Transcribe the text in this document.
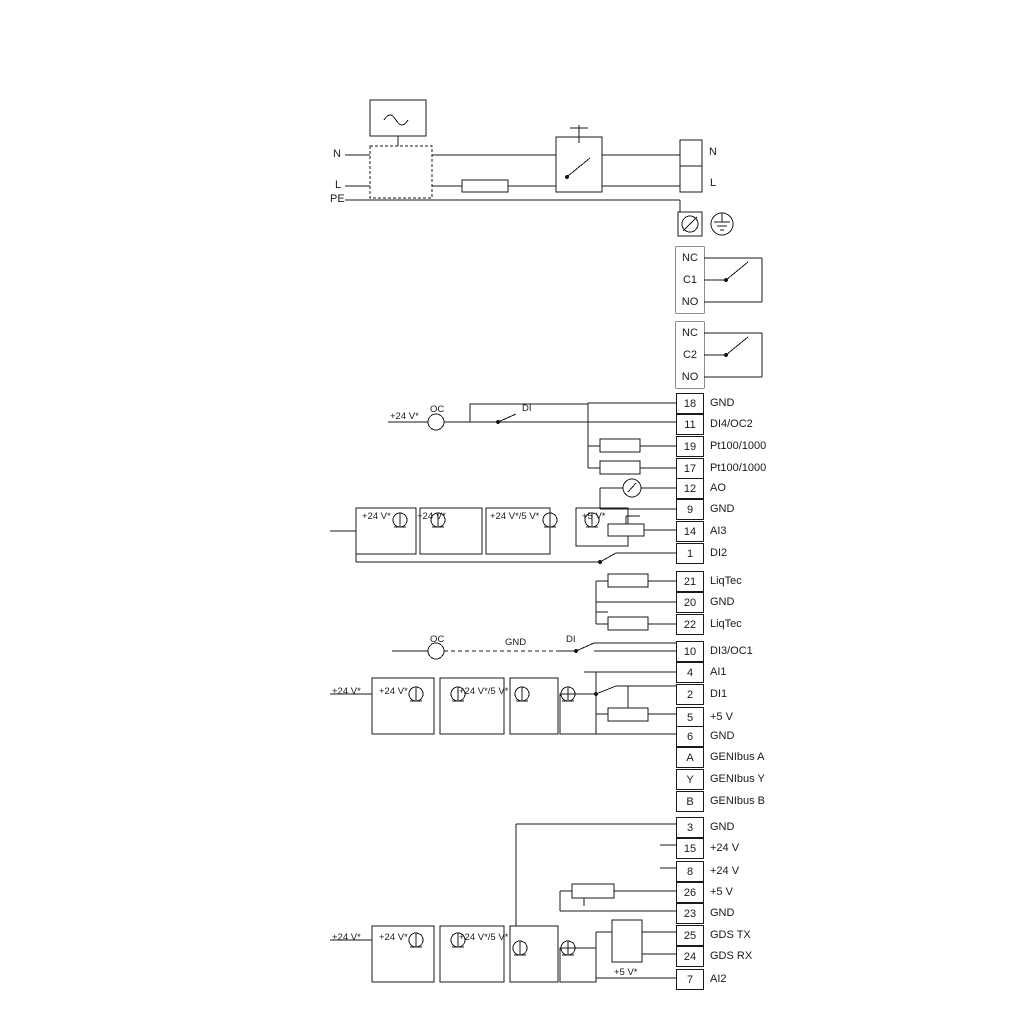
N
L
PE
N
L
NC
C1
NO
NC
C2
NO
18	GND
11	DI4/OC2
19	Pt100/1000
17	Pt100/1000
12	AO
9	GND
14	AI3
1	DI2
21	LiqTec
20	GND
22	LiqTec
10	DI3/OC1
4	AI1
2	DI1
5	+5 V
6	GND
A	GENIbus A
Y	GENIbus Y
B	GENIbus B
3	GND
15	+24 V
8	+24 V
26	+5 V
23	GND
25	GDS TX
24	GDS RX
7	AI2
OC	DI
+24 V*
+24 V*	+24 V*	+24 V*/5 V*	+5 V*
OC	GND	DI
+24 V* +24 V*	+24 V*/5 V*
+24 V* +24 V*	+24 V*/5 V*
+5 V*
